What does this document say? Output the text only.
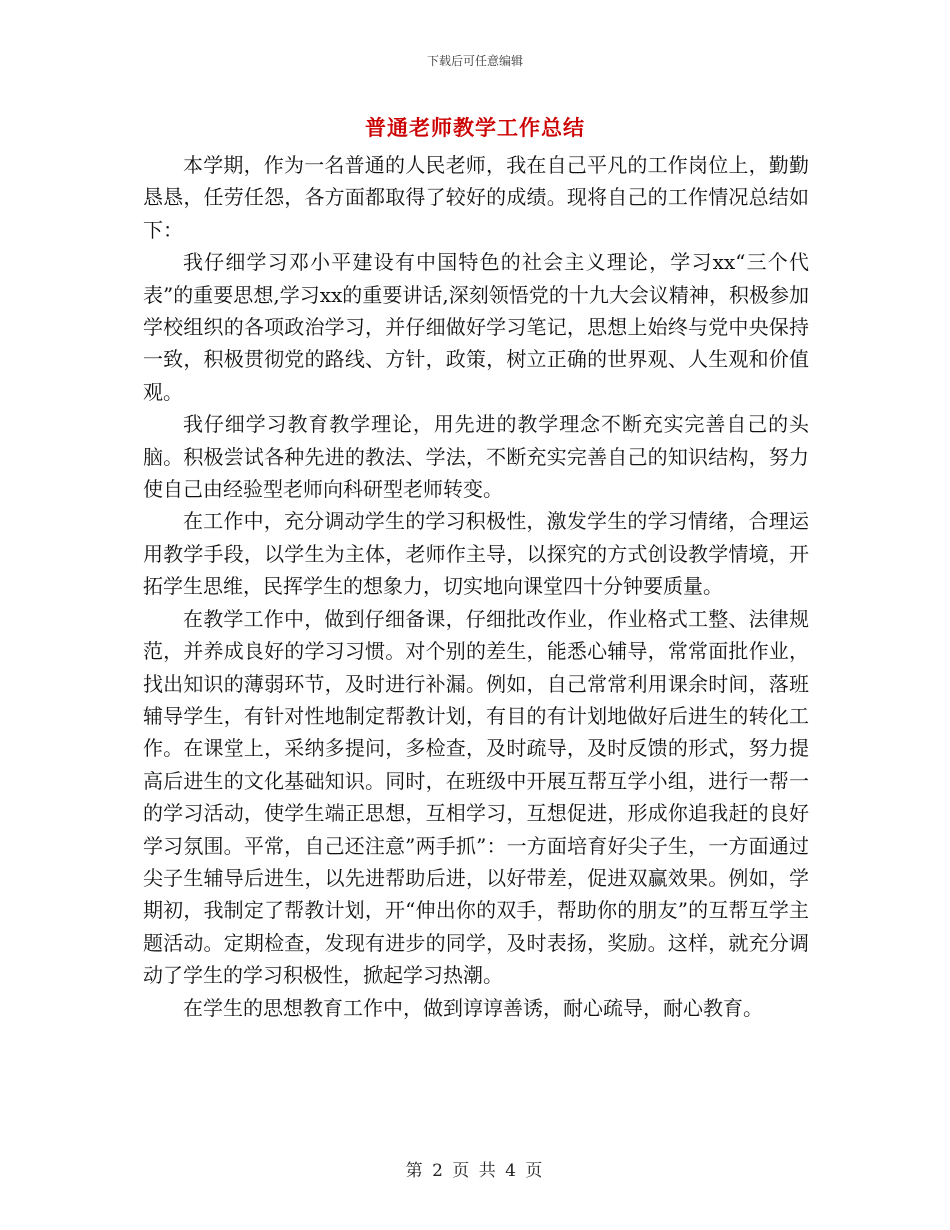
下载后可任意编辑
普通老师教学工作总结

本学期，作为一名普通的人民老师，我在自己平凡的工作岗位上，勤勤恳恳，任劳任怨，各方面都取得了较好的成绩。现将自己的工作情况总结如下：

我仔细学习邓小平建设有中国特色的社会主义理论，学习xx“三个代表”的重要思想,学习xx的重要讲话,深刻领悟党的十九大会议精神，积极参加学校组织的各项政治学习，并仔细做好学习笔记，思想上始终与党中央保持一致，积极贯彻党的路线、方针，政策，树立正确的世界观、人生观和价值观。

我仔细学习教育教学理论，用先进的教学理念不断充实完善自己的头脑。积极尝试各种先进的教法、学法，不断充实完善自己的知识结构，努力使自己由经验型老师向科研型老师转变。

在工作中，充分调动学生的学习积极性，激发学生的学习情绪，合理运用教学手段，以学生为主体，老师作主导，以探究的方式创设教学情境，开拓学生思维，民挥学生的想象力，切实地向课堂四十分钟要质量。

在教学工作中，做到仔细备课，仔细批改作业，作业格式工整、法律规范，并养成良好的学习习惯。对个别的差生，能悉心辅导，常常面批作业，找出知识的薄弱环节，及时进行补漏。例如，自己常常利用课余时间，落班辅导学生，有针对性地制定帮教计划，有目的有计划地做好后进生的转化工作。在课堂上，采纳多提问，多检查，及时疏导，及时反馈的形式，努力提高后进生的文化基础知识。同时，在班级中开展互帮互学小组，进行一帮一的学习活动，使学生端正思想，互相学习，互想促进，形成你追我赶的良好学习氛围。平常，自己还注意”两手抓”：一方面培育好尖子生，一方面通过尖子生辅导后进生，以先进帮助后进，以好带差，促进双赢效果。例如，学期初，我制定了帮教计划，开“伸出你的双手，帮助你的朋友”的互帮互学主题活动。定期检查，发现有进步的同学，及时表扬，奖励。这样，就充分调动了学生的学习积极性，掀起学习热潮。

在学生的思想教育工作中，做到谆谆善诱，耐心疏导，耐心教育。

第 2 页 共 4 页
